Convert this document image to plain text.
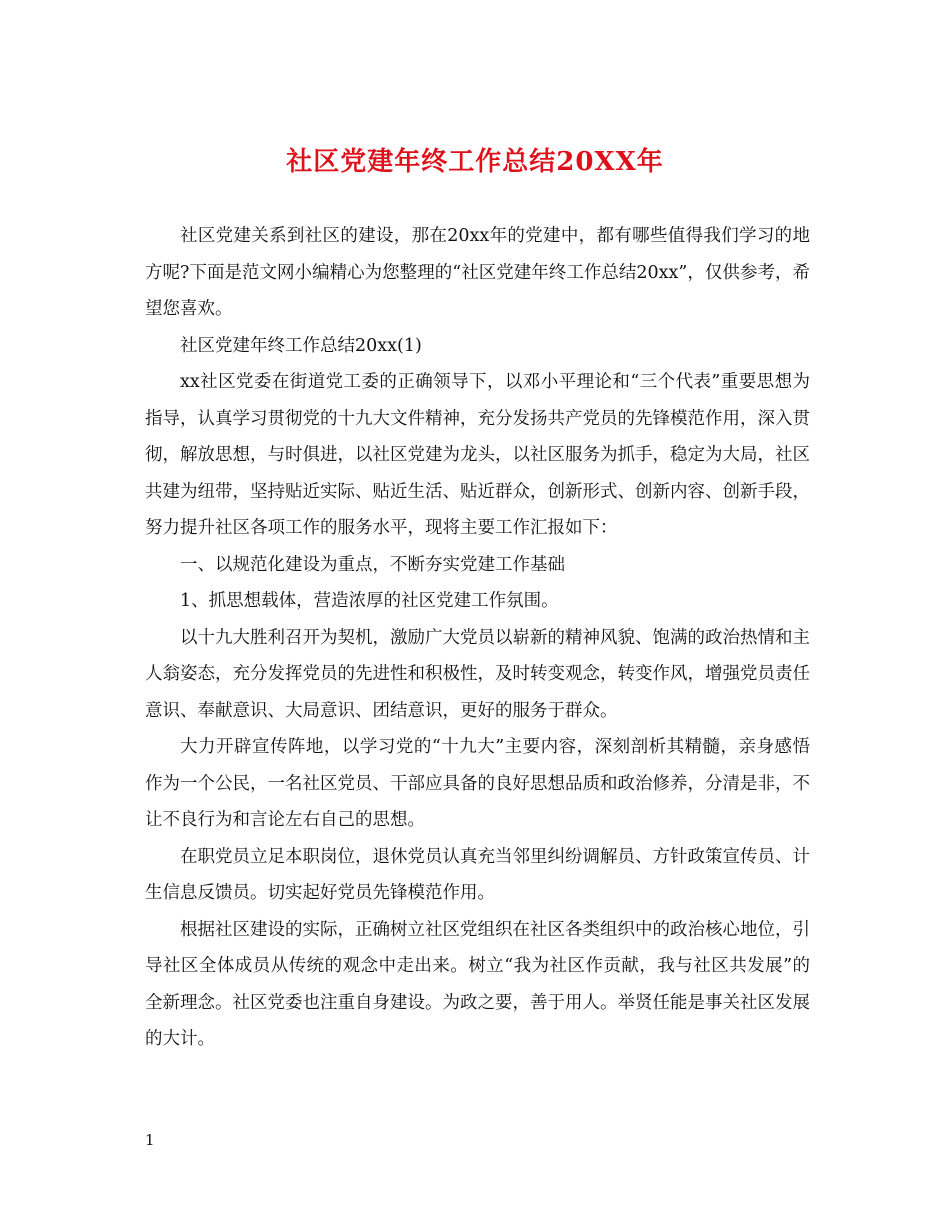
社区党建年终工作总结20XX年

社区党建关系到社区的建设，那在20xx年的党建中，都有哪些值得我们学习的地方呢?下面是范文网小编精心为您整理的“社区党建年终工作总结20xx”，仅供参考，希望您喜欢。

社区党建年终工作总结20xx(1)

xx社区党委在街道党工委的正确领导下，以邓小平理论和“三个代表”重要思想为指导，认真学习贯彻党的十九大文件精神，充分发扬共产党员的先锋模范作用，深入贯彻，解放思想，与时俱进，以社区党建为龙头，以社区服务为抓手，稳定为大局，社区共建为纽带，坚持贴近实际、贴近生活、贴近群众，创新形式、创新内容、创新手段，努力提升社区各项工作的服务水平，现将主要工作汇报如下：

一、以规范化建设为重点，不断夯实党建工作基础

1、抓思想载体，营造浓厚的社区党建工作氛围。

以十九大胜利召开为契机，激励广大党员以崭新的精神风貌、饱满的政治热情和主人翁姿态，充分发挥党员的先进性和积极性，及时转变观念，转变作风，增强党员责任意识、奉献意识、大局意识、团结意识，更好的服务于群众。

大力开辟宣传阵地，以学习党的“十九大”主要内容，深刻剖析其精髓，亲身感悟作为一个公民，一名社区党员、干部应具备的良好思想品质和政治修养，分清是非，不让不良行为和言论左右自己的思想。

在职党员立足本职岗位，退休党员认真充当邻里纠纷调解员、方针政策宣传员、计生信息反馈员。切实起好党员先锋模范作用。

根据社区建设的实际，正确树立社区党组织在社区各类组织中的政治核心地位，引导社区全体成员从传统的观念中走出来。树立“我为社区作贡献，我与社区共发展”的全新理念。社区党委也注重自身建设。为政之要，善于用人。举贤任能是事关社区发展的大计。

1
